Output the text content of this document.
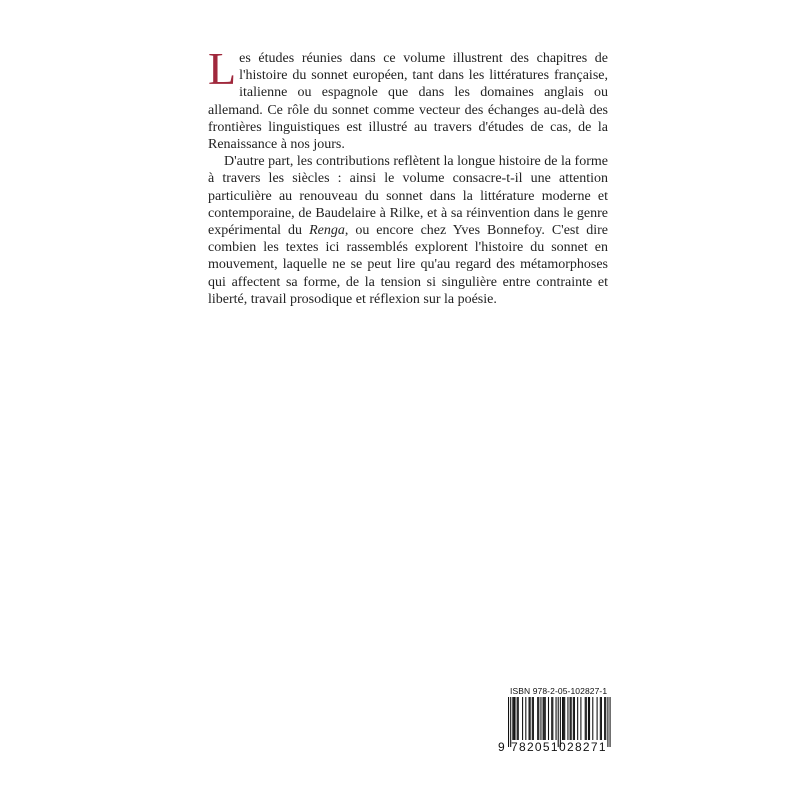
Les études réunies dans ce volume illustrent des chapitres de l'histoire du sonnet européen, tant dans les littératures française, italienne ou espagnole que dans les domaines anglais ou allemand. Ce rôle du sonnet comme vecteur des échanges au-delà des frontières linguistiques est illustré au travers d'études de cas, de la Renaissance à nos jours.

D'autre part, les contributions reflètent la longue histoire de la forme à travers les siècles : ainsi le volume consacre-t-il une attention particulière au renouveau du sonnet dans la littérature moderne et contemporaine, de Baudelaire à Rilke, et à sa réinvention dans le genre expérimental du Renga, ou encore chez Yves Bonnefoy. C'est dire combien les textes ici rassemblés explorent l'histoire du sonnet en mouvement, laquelle ne se peut lire qu'au regard des métamorphoses qui affectent sa forme, de la tension si singulière entre contrainte et liberté, travail prosodique et réflexion sur la poésie.

ISBN 978-2-05-102827-1
9 782051 028271
